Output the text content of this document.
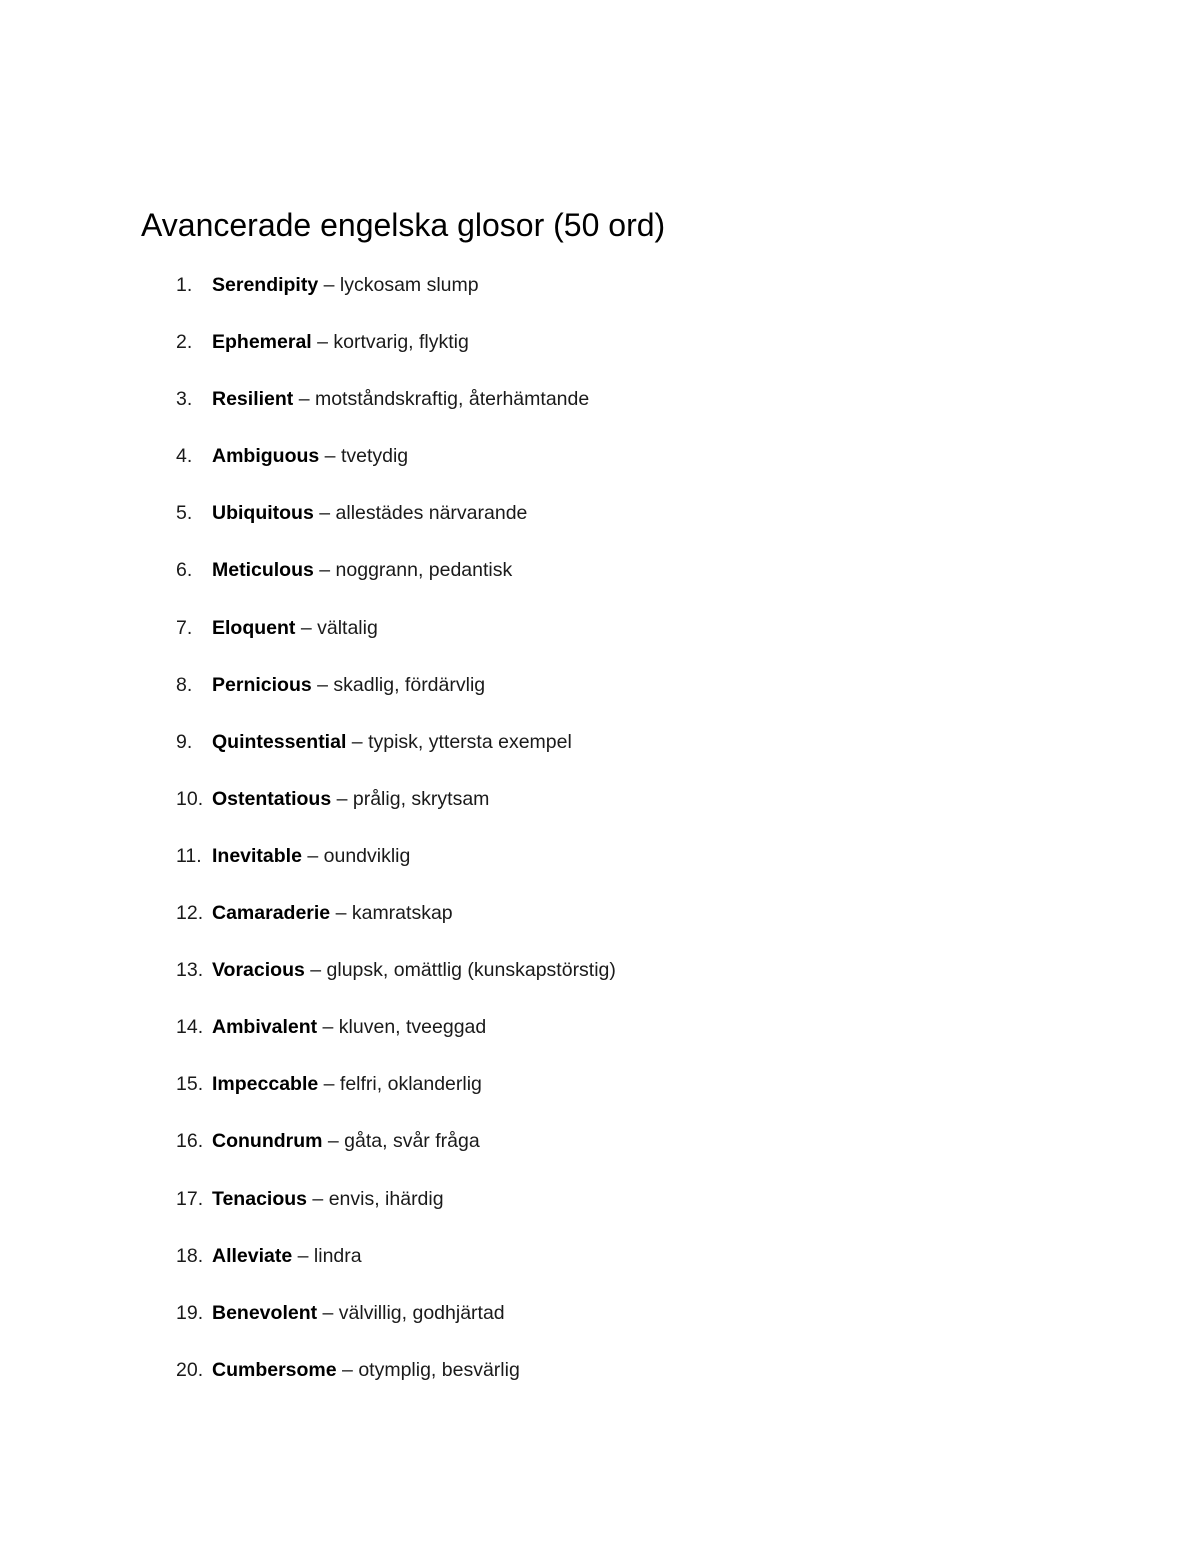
Avancerade engelska glosor (50 ord)
1. Serendipity – lyckosam slump
2. Ephemeral – kortvarig, flyktig
3. Resilient – motståndskraftig, återhämtande
4. Ambiguous – tvetydig
5. Ubiquitous – allestädes närvarande
6. Meticulous – noggrann, pedantisk
7. Eloquent – vältalig
8. Pernicious – skadlig, fördärvlig
9. Quintessential – typisk, yttersta exempel
10. Ostentatious – prålig, skrytsam
11. Inevitable – oundviklig
12. Camaraderie – kamratskap
13. Voracious – glupsk, omättlig (kunskapstörstig)
14. Ambivalent – kluven, tveeggad
15. Impeccable – felfri, oklanderlig
16. Conundrum – gåta, svår fråga
17. Tenacious – envis, ihärdig
18. Alleviate – lindra
19. Benevolent – välvillig, godhjärtad
20. Cumbersome – otymplig, besvärlig
